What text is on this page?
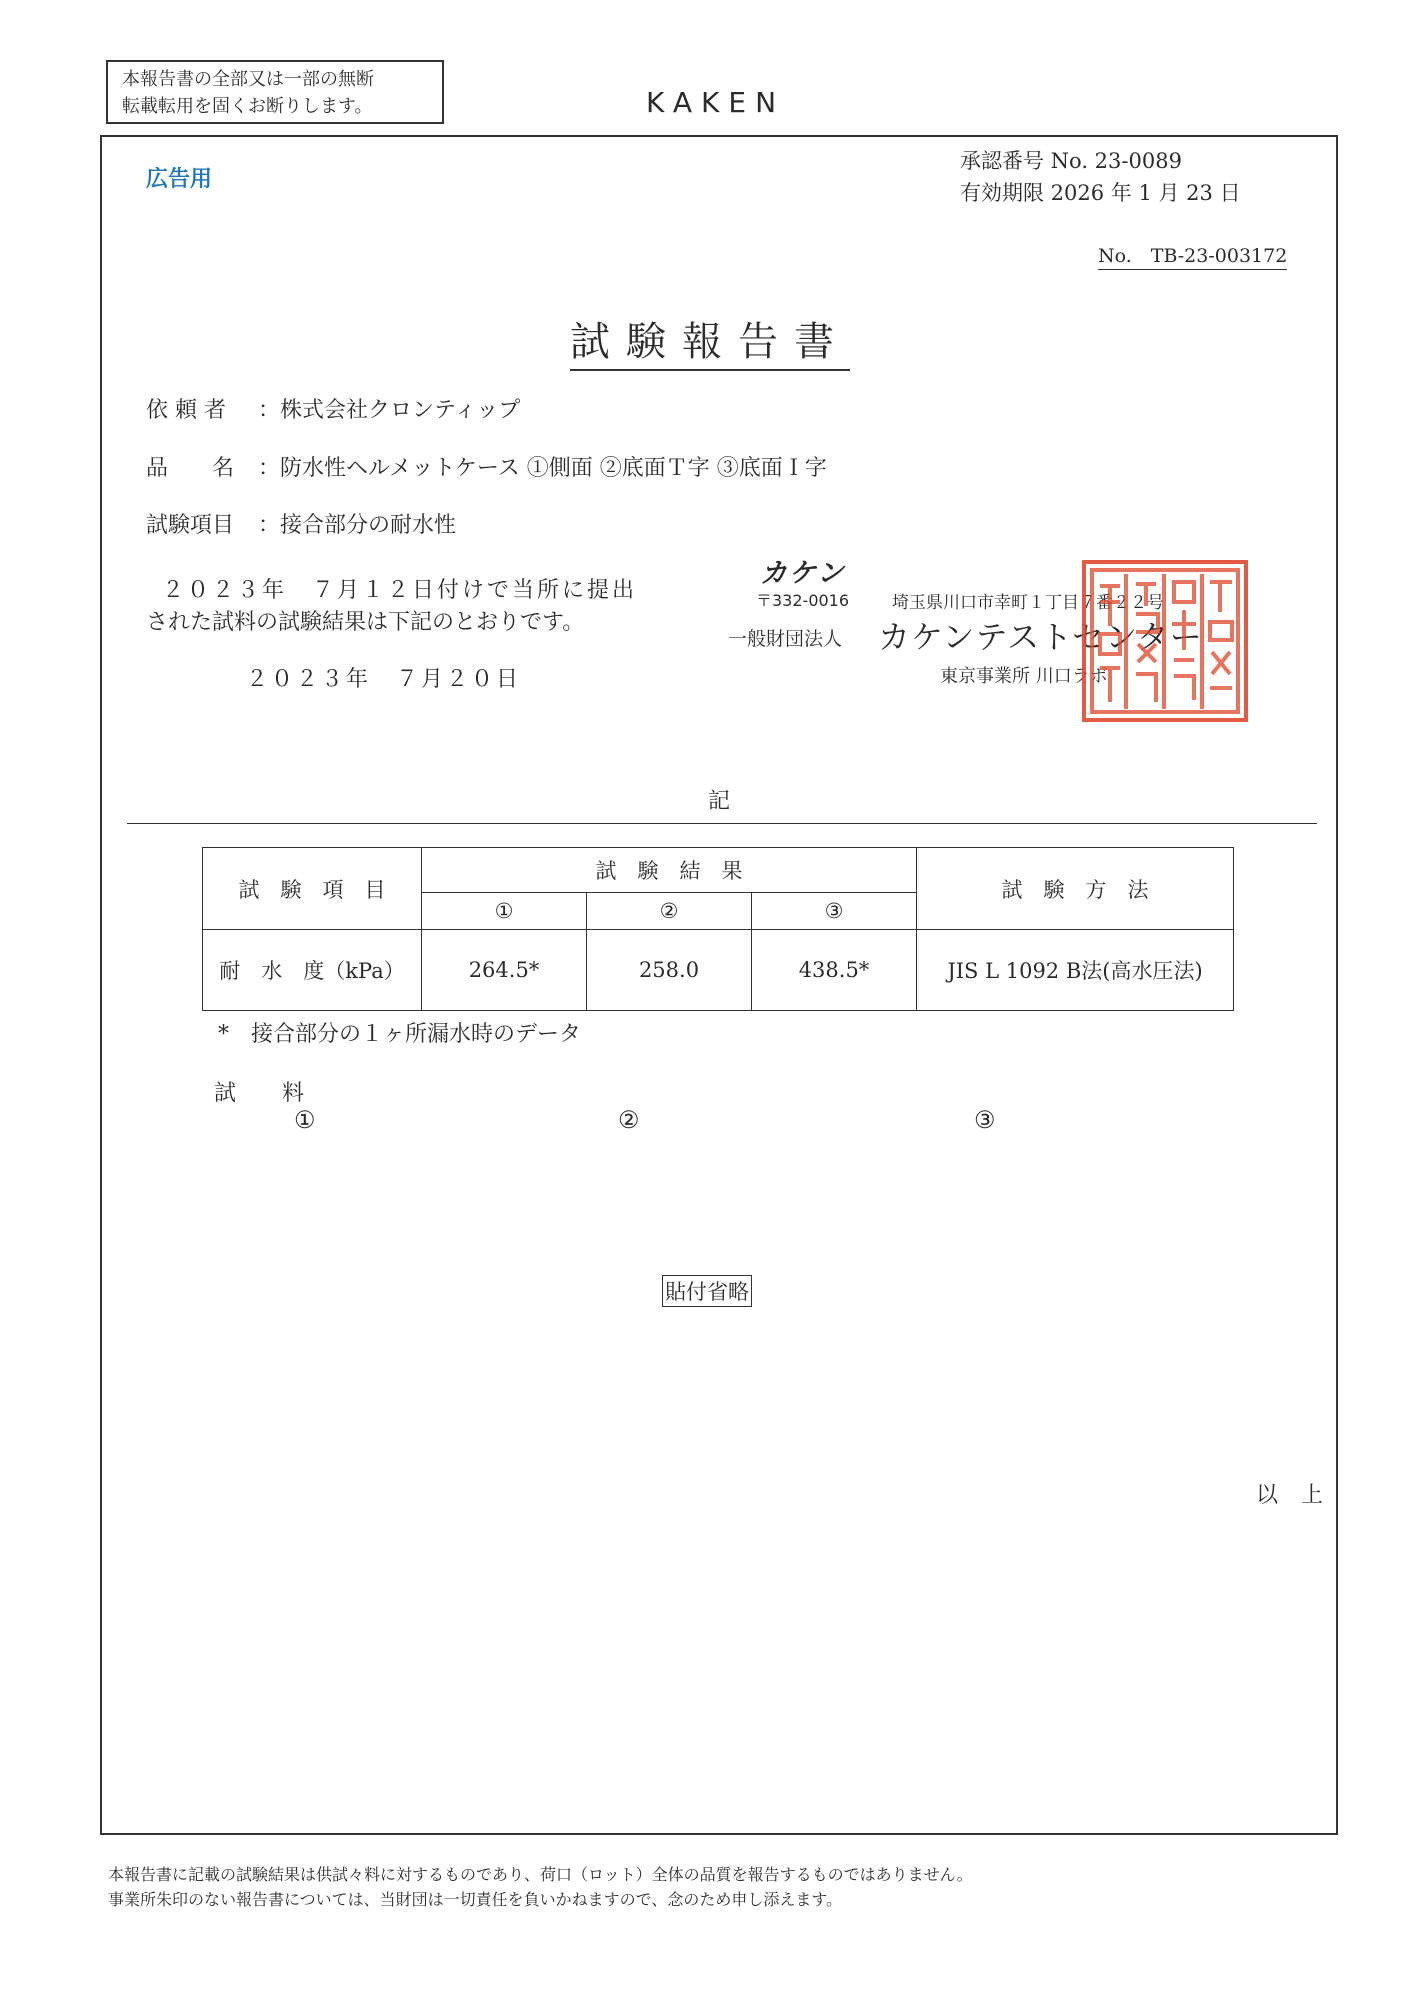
本報告書の全部又は一部の無断
転載転用を固くお断りします。	KAKEN
広告用
承認番号 No. 23-0089
有効期限 2026 年 1 月 23 日
No.　TB-23-003172
試験報告書
依 頼 者 ：株式会社クロンティップ
品　　名 ：防水性ヘルメットケース ①側面 ②底面Ｔ字 ③底面Ｉ字
試験項目 ：接合部分の耐水性
２０２３年　７月１２日付けで当所に提出
された試料の試験結果は下記のとおりです。
２０２３年　７月２０日
カケン
〒332-0016	埼玉県川口市幸町１丁目７番２２号
一般財団法人 カケンテストセンター
東京事業所 川口ラボ
記
試　験　項　目	試　験　結　果			試　験　方　法
	①	②	③	
耐　水　度（kPa）	264.5*	258.0	438.5*	JIS L 1092 B法(高水圧法)
*　接合部分の１ヶ所漏水時のデータ
試　料
①	②	③
貼付省略
以 上
本報告書に記載の試験結果は供試々料に対するものであり、荷口（ロット）全体の品質を報告するものではありません。
事業所朱印のない報告書については、当財団は一切責任を負いかねますので、念のため申し添えます。
